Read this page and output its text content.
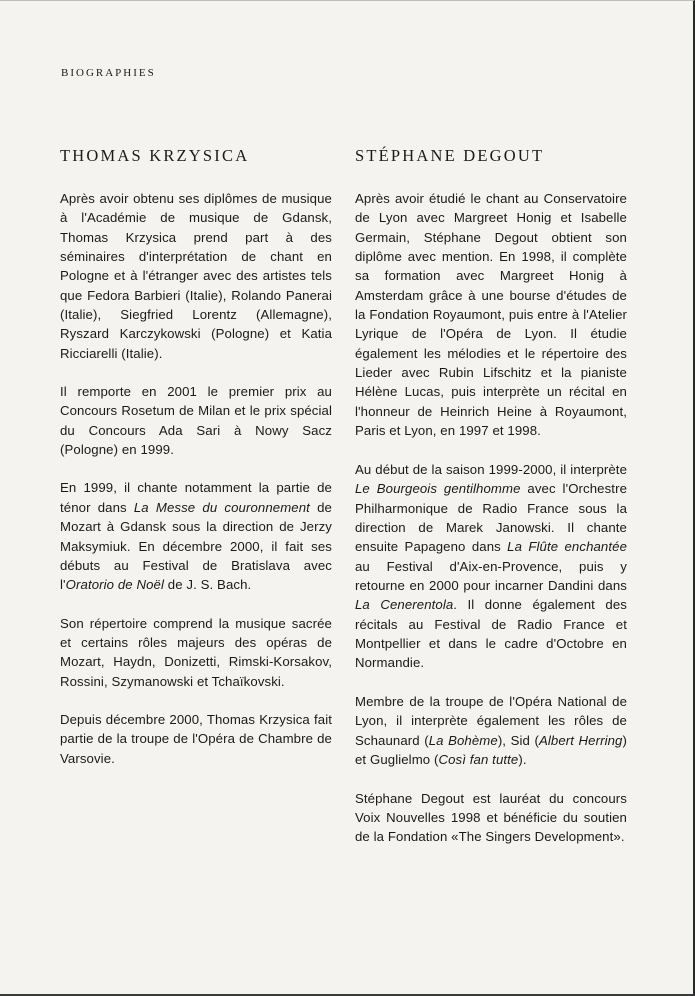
BIOGRAPHIES
THOMAS KRZYSICA

Après avoir obtenu ses diplômes de musique à l'Académie de musique de Gdansk, Thomas Krzysica prend part à des séminaires d'interprétation de chant en Pologne et à l'étranger avec des artistes tels que Fedora Barbieri (Italie), Rolando Panerai (Italie), Siegfried Lorentz (Allemagne), Ryszard Karczykowski (Pologne) et Katia Ricciarelli (Italie).

Il remporte en 2001 le premier prix au Concours Rosetum de Milan et le prix spécial du Concours Ada Sari à Nowy Sacz (Pologne) en 1999.

En 1999, il chante notamment la partie de ténor dans La Messe du couronnement de Mozart à Gdansk sous la direction de Jerzy Maksymiuk. En décembre 2000, il fait ses débuts au Festival de Bratislava avec l'Oratorio de Noël de J. S. Bach.

Son répertoire comprend la musique sacrée et certains rôles majeurs des opéras de Mozart, Haydn, Donizetti, Rimski-Korsakov, Rossini, Szymanowski et Tchaïkovski.

Depuis décembre 2000, Thomas Krzysica fait partie de la troupe de l'Opéra de Chambre de Varsovie.

STÉPHANE DEGOUT

Après avoir étudié le chant au Conservatoire de Lyon avec Margreet Honig et Isabelle Germain, Stéphane Degout obtient son diplôme avec mention. En 1998, il complète sa formation avec Margreet Honig à Amsterdam grâce à une bourse d'études de la Fondation Royaumont, puis entre à l'Atelier Lyrique de l'Opéra de Lyon. Il étudie également les mélodies et le répertoire des Lieder avec Rubin Lifschitz et la pianiste Hélène Lucas, puis interprète un récital en l'honneur de Heinrich Heine à Royaumont, Paris et Lyon, en 1997 et 1998.

Au début de la saison 1999-2000, il interprète Le Bourgeois gentilhomme avec l'Orchestre Philharmonique de Radio France sous la direction de Marek Janowski. Il chante ensuite Papageno dans La Flûte enchantée au Festival d'Aix-en-Provence, puis y retourne en 2000 pour incarner Dandini dans La Cenerentola. Il donne également des récitals au Festival de Radio France et Montpellier et dans le cadre d'Octobre en Normandie.

Membre de la troupe de l'Opéra National de Lyon, il interprète également les rôles de Schaunard (La Bohème), Sid (Albert Herring) et Guglielmo (Così fan tutte).

Stéphane Degout est lauréat du concours Voix Nouvelles 1998 et bénéficie du soutien de la Fondation «The Singers Development».
